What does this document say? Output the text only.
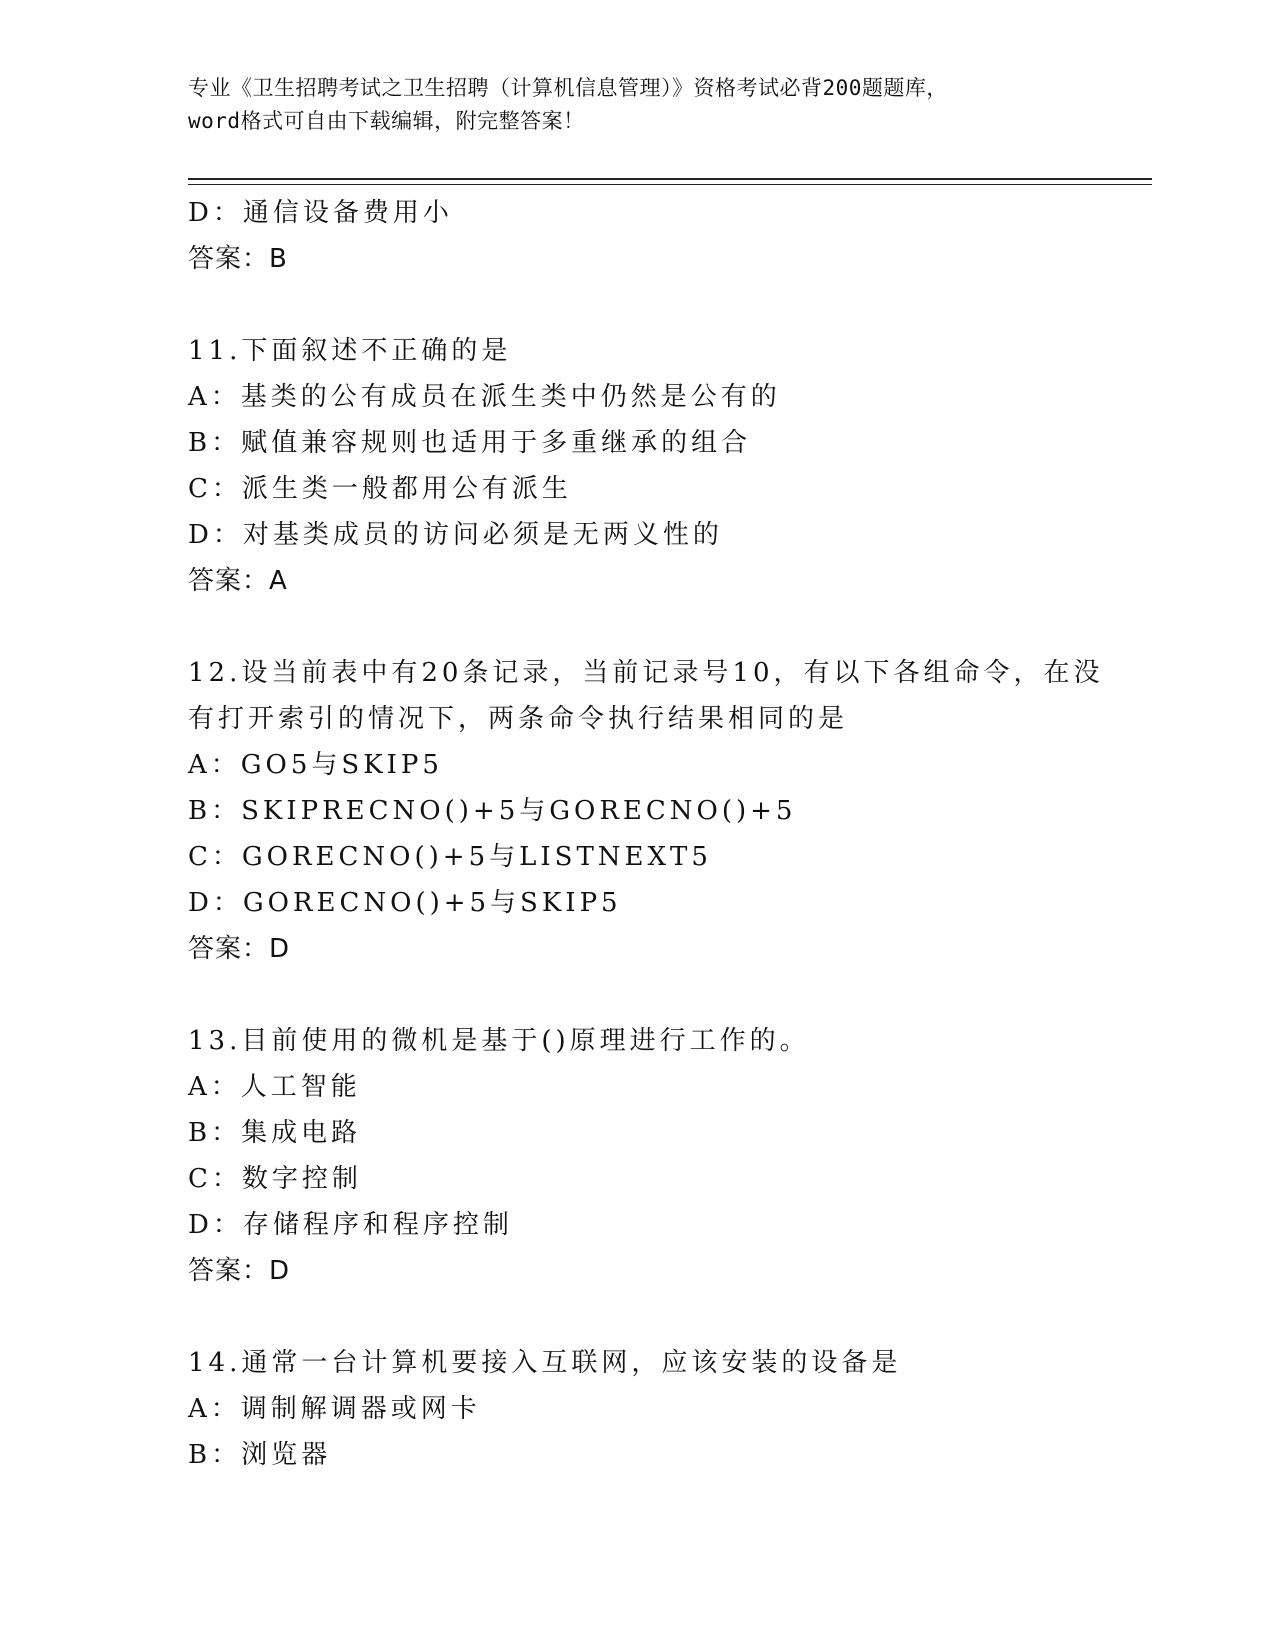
专业《卫生招聘考试之卫生招聘（计算机信息管理）》资格考试必背200题题库，
word格式可自由下载编辑，附完整答案！
D：通信设备费用小
答案：B
11.下面叙述不正确的是
A：基类的公有成员在派生类中仍然是公有的
B：赋值兼容规则也适用于多重继承的组合
C：派生类一般都用公有派生
D：对基类成员的访问必须是无两义性的
答案：A
12.设当前表中有20条记录，当前记录号10，有以下各组命令，在没
有打开索引的情况下，两条命令执行结果相同的是
A：GO5与SKIP5
B：SKIPRECNO()+5与GORECNO()+5
C：GORECNO()+5与LISTNEXT5
D：GORECNO()+5与SKIP5
答案：D
13.目前使用的微机是基于()原理进行工作的。
A：人工智能
B：集成电路
C：数字控制
D：存储程序和程序控制
答案：D
14.通常一台计算机要接入互联网，应该安装的设备是
A：调制解调器或网卡
B：浏览器
